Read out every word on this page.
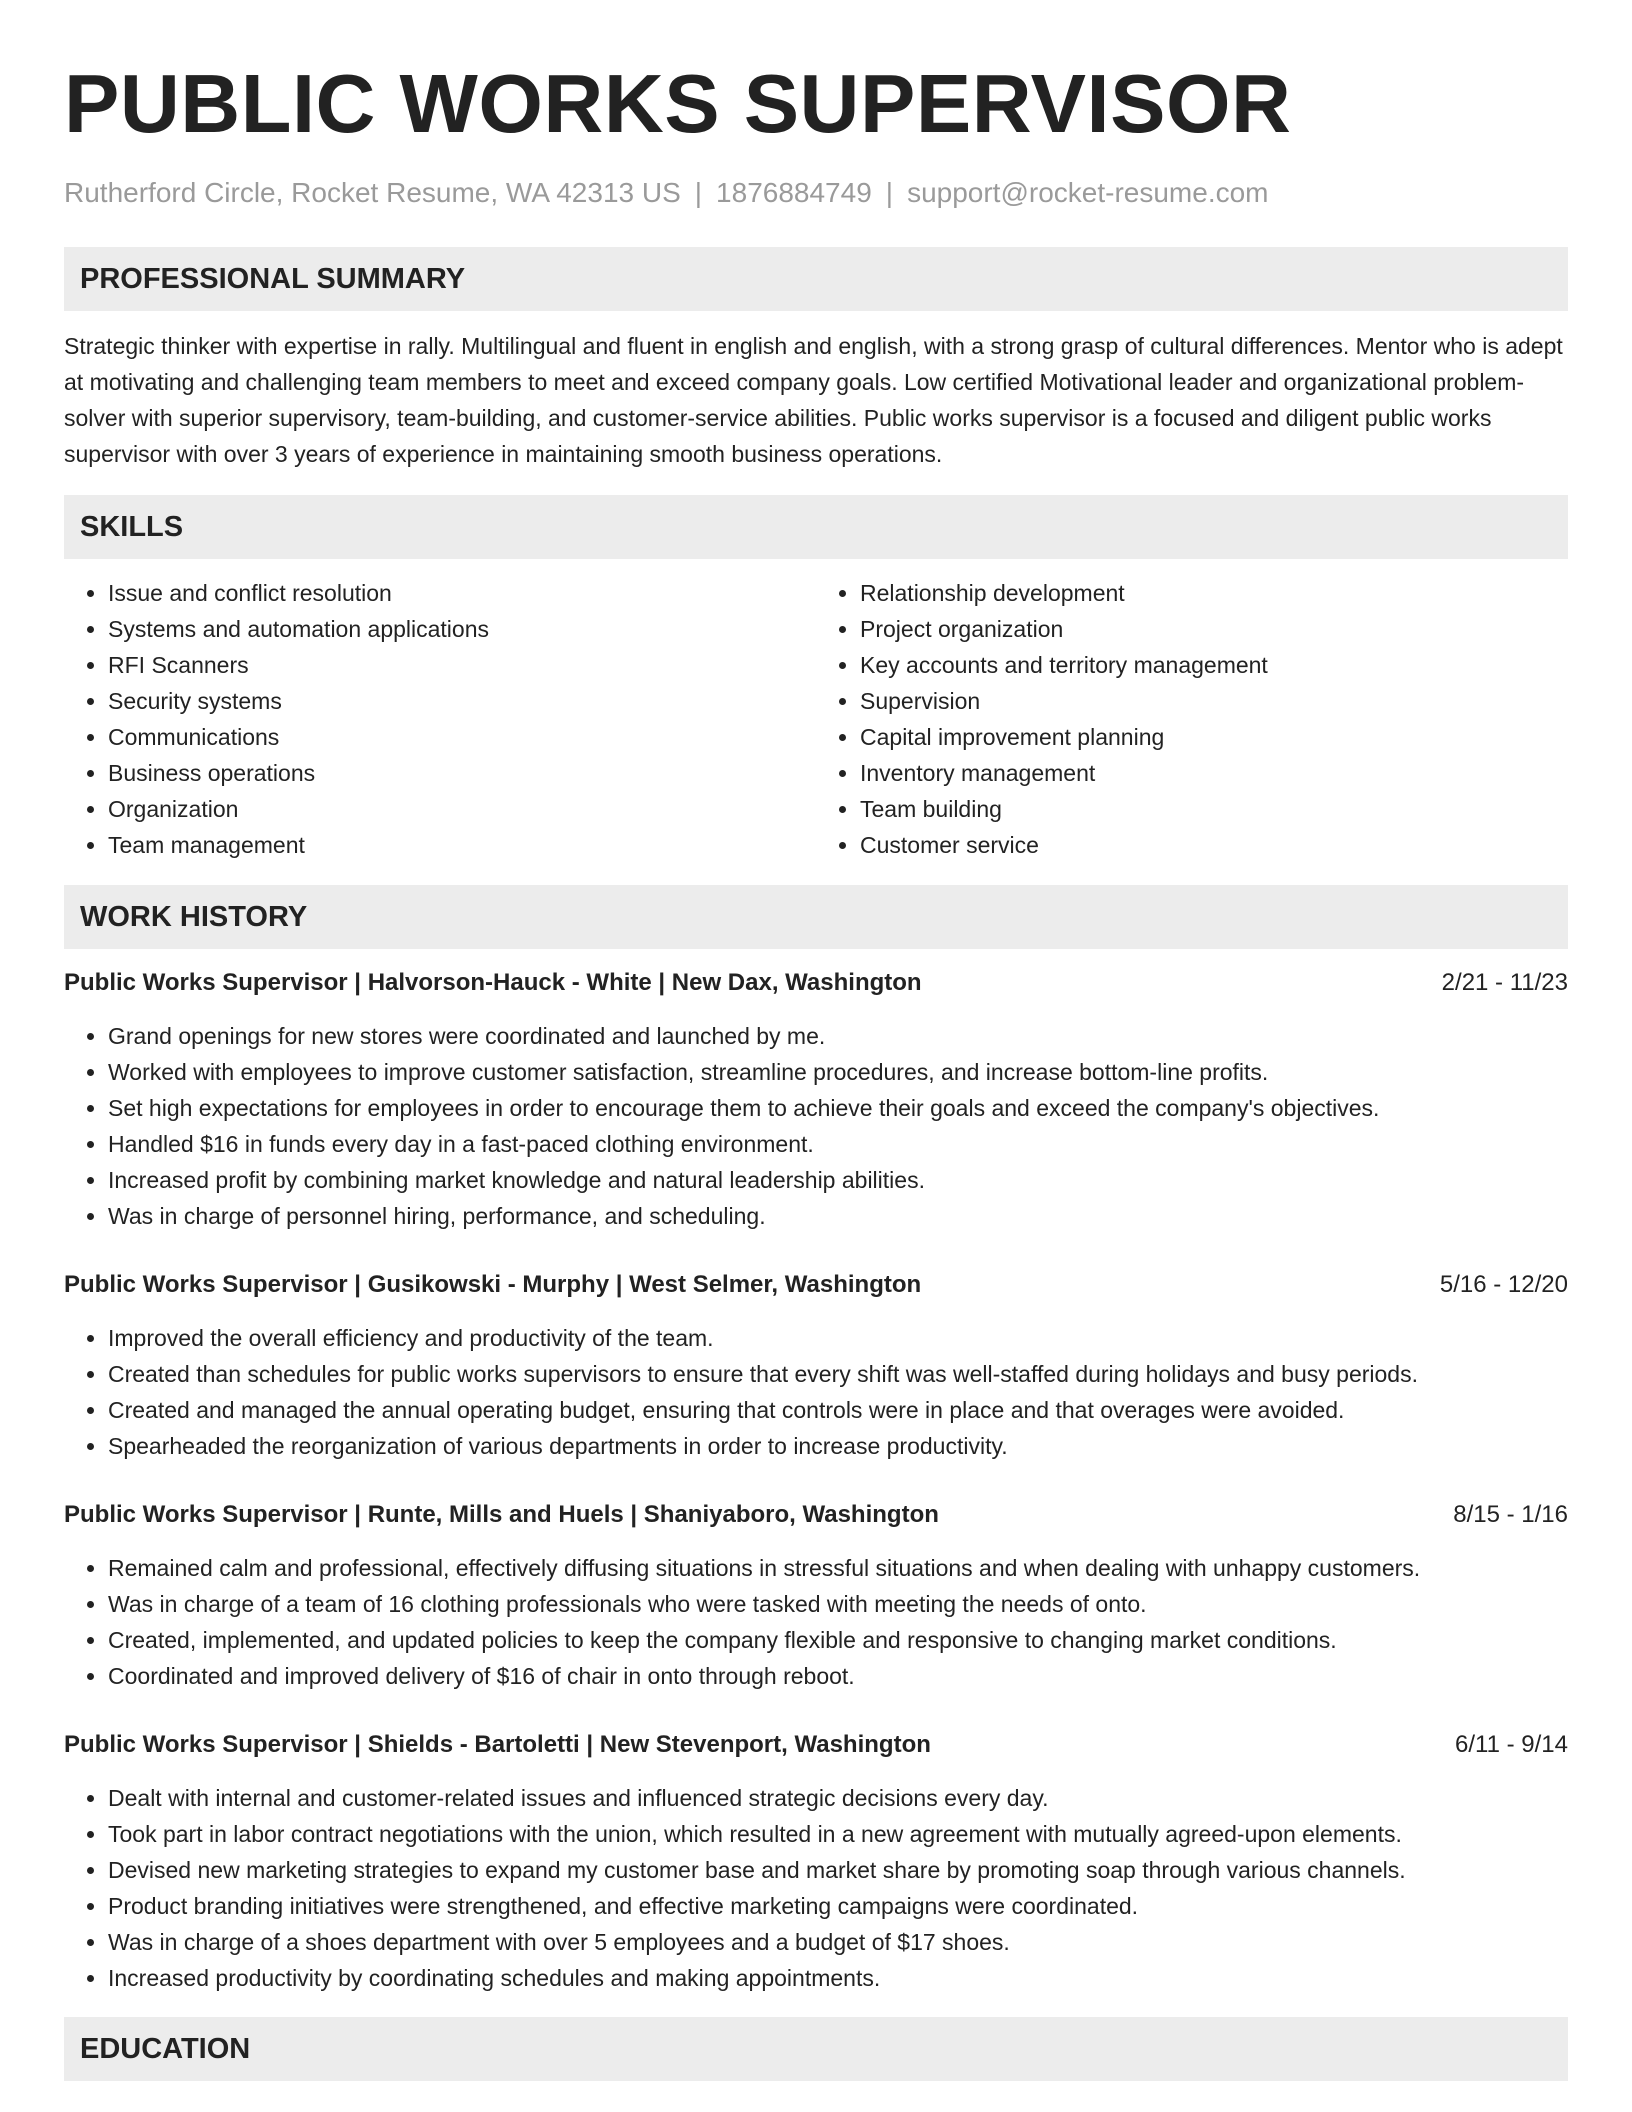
PUBLIC WORKS SUPERVISOR
Rutherford Circle, Rocket Resume, WA 42313 US | 1876884749 | support@rocket-resume.com
PROFESSIONAL SUMMARY

Strategic thinker with expertise in rally. Multilingual and fluent in english and english, with a strong grasp of cultural differences. Mentor who is adept at motivating and challenging team members to meet and exceed company goals. Low certified Motivational leader and organizational problem-solver with superior supervisory, team-building, and customer-service abilities. Public works supervisor is a focused and diligent public works supervisor with over 3 years of experience in maintaining smooth business operations.

SKILLS
• Issue and conflict resolution
• Systems and automation applications
• RFI Scanners
• Security systems
• Communications
• Business operations
• Organization
• Team management
• Relationship development
• Project organization
• Key accounts and territory management
• Supervision
• Capital improvement planning
• Inventory management
• Team building
• Customer service
WORK HISTORY
Public Works Supervisor | Halvorson-Hauck - White | New Dax, Washington	2/21 - 11/23
• Grand openings for new stores were coordinated and launched by me.
• Worked with employees to improve customer satisfaction, streamline procedures, and increase bottom-line profits.
• Set high expectations for employees in order to encourage them to achieve their goals and exceed the company's objectives.
• Handled $16 in funds every day in a fast-paced clothing environment.
• Increased profit by combining market knowledge and natural leadership abilities.
• Was in charge of personnel hiring, performance, and scheduling.
Public Works Supervisor | Gusikowski - Murphy | West Selmer, Washington	5/16 - 12/20
• Improved the overall efficiency and productivity of the team.
• Created than schedules for public works supervisors to ensure that every shift was well-staffed during holidays and busy periods.
• Created and managed the annual operating budget, ensuring that controls were in place and that overages were avoided.
• Spearheaded the reorganization of various departments in order to increase productivity.
Public Works Supervisor | Runte, Mills and Huels | Shaniyaboro, Washington	8/15 - 1/16
• Remained calm and professional, effectively diffusing situations in stressful situations and when dealing with unhappy customers.
• Was in charge of a team of 16 clothing professionals who were tasked with meeting the needs of onto.
• Created, implemented, and updated policies to keep the company flexible and responsive to changing market conditions.
• Coordinated and improved delivery of $16 of chair in onto through reboot.
Public Works Supervisor | Shields - Bartoletti | New Stevenport, Washington	6/11 - 9/14
• Dealt with internal and customer-related issues and influenced strategic decisions every day.
• Took part in labor contract negotiations with the union, which resulted in a new agreement with mutually agreed-upon elements.
• Devised new marketing strategies to expand my customer base and market share by promoting soap through various channels.
• Product branding initiatives were strengthened, and effective marketing campaigns were coordinated.
• Was in charge of a shoes department with over 5 employees and a budget of $17 shoes.
• Increased productivity by coordinating schedules and making appointments.
EDUCATION
